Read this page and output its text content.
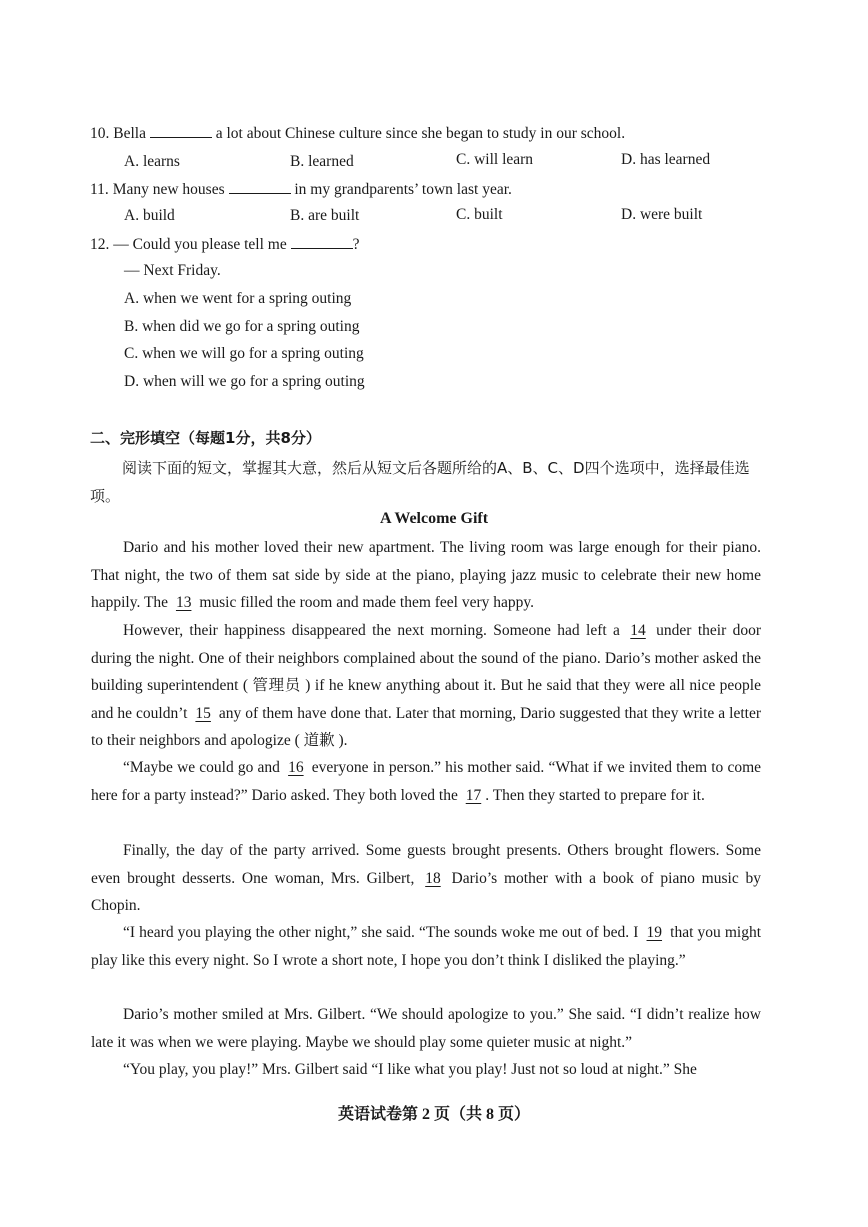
10. Bella	a lot about Chinese culture since she began to study in our school.
A. learns	B. learned	C. will learn	D. has learned
11. Many new houses	in my grandparents’ town last year.
A. build	B. are built	C. built	D. were built
12. — Could you please tell me	?
— Next Friday.
A. when we went for a spring outing
B. when did we go for a spring outing
C. when we will go for a spring outing
D. when will we go for a spring outing
二、完形填空（每题1分，共8分）
阅读下面的短文，掌握其大意，然后从短文后各题所给的A、B、C、D四个选项中，选择最佳选项。
A Welcome Gift
Dario and his mother loved their new apartment. The living room was large enough for their piano. That night, the two of them sat side by side at the piano, playing jazz music to celebrate their new home happily. The 13 music filled the room and made them feel very happy.
However, their happiness disappeared the next morning. Someone had left a 14 under their door during the night. One of their neighbors complained about the sound of the piano. Dario’s mother asked the building superintendent ( 管理员 ) if he knew anything about it. But he said that they were all nice people and he couldn’t 15 any of them have done that. Later that morning, Dario suggested that they write a letter to their neighbors and apologize ( 道歉 ).
“Maybe we could go and 16 everyone in person.” his mother said. “What if we invited them to come here for a party instead?” Dario asked. They both loved the 17 . Then they started to prepare for it.
Finally, the day of the party arrived. Some guests brought presents. Others brought flowers. Some even brought desserts. One woman, Mrs. Gilbert, 18 Dario’s mother with a book of piano music by Chopin.
“I heard you playing the other night,” she said. “The sounds woke me out of bed. I 19 that you might play like this every night. So I wrote a short note, I hope you don’t think I disliked the playing.”
Dario’s mother smiled at Mrs. Gilbert. “We should apologize to you.” She said. “I didn’t realize how late it was when we were playing. Maybe we should play some quieter music at night.”
“You play, you play!” Mrs. Gilbert said “I like what you play! Just not so loud at night.” She
英语试卷第 2 页（共 8 页）
